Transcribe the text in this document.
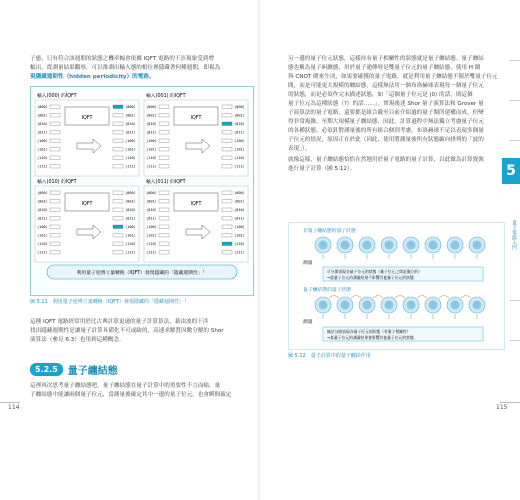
子態，只有符合該週期的狀態之機率幅會依據 IQFT 電路的干涉現象受到增
幅出，從測量結果觀察，可以推測出輸入態的相位裡隱藏著何種週期，即視為
現隱藏週期性（hidden periodicity）的電路。
輸入(000) 的IQFT
|000⟩	|000⟩
|001⟩	|001⟩
|010⟩	|010⟩
|011⟩	|011⟩
|100⟩	|100⟩
|101⟩	|101⟩
|110⟩	|110⟩
|111⟩	|111⟩
IQFT
輸入(001) 的IQFT
|000⟩	|000⟩
|001⟩	|001⟩
|010⟩	|010⟩
|011⟩	|011⟩
|100⟩	|100⟩
|101⟩	|101⟩
|110⟩	|110⟩
|111⟩	|111⟩
IQFT
輸入(010) 的IQFT
|000⟩	|000⟩
|001⟩	|001⟩
|010⟩	|010⟩
|011⟩	|011⟩
|100⟩	|100⟩
|101⟩	|101⟩
|110⟩	|110⟩
|111⟩	|111⟩
IQFT
輸入(011) 的IQFT
|000⟩	|000⟩
|001⟩	|001⟩
|010⟩	|010⟩
|011⟩	|011⟩
|100⟩	|100⟩
|101⟩	|101⟩
|110⟩	|110⟩
|111⟩	|111⟩
IQFT
利用量子逆傅立葉轉換（IQFT）發現隱藏的「隱藏週期性」！
圖 5.11　利用量子逆傅立葉轉換（IQFT）發現隱藏的「隱藏週期性」！
這種 IQFT 電路經常用於比古典計算更速的量子計算算法，藉由波的干涉
找出隱藏週期性是讓量子計算具備化不可或缺的，高速求解質因數分解的 Shor
演算法（參見 6.3）也用到這種概念。
5.2.5	量子纏結態
這裡再次思考量子纏結態吧。量子纏結態在量子計算中的重要性不言而喻，量
子纏結態中能讓兩個量子位元，當測量後確定其中一邊的量子位元，也會瞬間確定
114
另一邊的量子位元狀態，這樣持有量子相關性的狀態就是量子纏結態。量子纏結
態也稱為量子糾纏態，用於量子通傳時是雙量子位元的量子纏結態，使用 H 閘
與 CNOT 閘來生成，如果要確獲的量子電路，就是利用量子纏結態不限於雙量子位元
間，而是可能更大規模的纏結態，這樣無法用一個布洛赫球表現每一個量子位元
的狀態，而是必須作完未描述狀態，如「這個量子位元是 |0⟩ 的話，則這個
量子位元為這種狀態（?）的話……」。實現後述 Shor 量子演算法和 Grover 量
子演算法的量子電路，還要都是組合戴至目前介紹過的量子閘所建構而成，但變
得非常複雜，至期大規模量子纏結態，因此，計算過程中無法獨立考慮量子位元
的各種狀態，必須針對測量後的所有組合個別考慮，布洛赫球不足以表現多個量
子位元的情況，原因正在於此（因此，使用將測量後所有狀態縮向排列的「波的
表現」）。
就像這樣，量子纏結態恰恰在然地用於量子電路的量子計算，以此做為計算資源
進行量子計算（圖 5.12）。
非量子纏結態的量子狀態
測量
可分開表現各量子位元的狀態（量子位元之間是獨立的）
→當量子位元的測量結果不影響其他量子位元的狀態
量子纏結態的量子狀態
測量
無法分開表現各量子位元的狀態（有量子相關性）
→某量子位元的測量結果會影響其他量子位元的狀態
圖 5.12　量子計算中的量子纏結作用
5
量子電路入門
115
